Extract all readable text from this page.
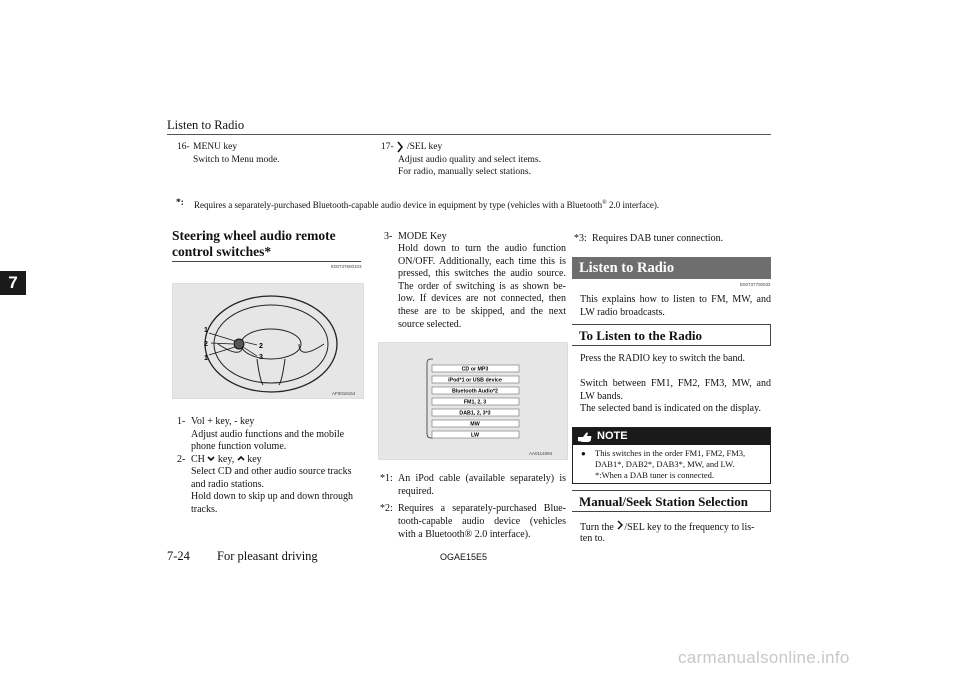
Listen to Radio
7
16- MENU key
Switch to Menu mode.
17- /SEL key
Adjust audio quality and select items.
For radio, manually select stations.
*: Requires a separately-purchased Bluetooth-capable audio device in equipment by type (vehicles with a Bluetooth® 2.0 interface).
Steering wheel audio remote
control switches*
E00737600103
1
2
1
2
3
AF0016154
1- Vol + key, - key
Adjust audio functions and the mobile
phone function volume.
2- CH  key,  key
Select CD and other audio source tracks
and radio stations.
Hold down to skip up and down through
tracks.
3- MODE Key
Hold down to turn the audio function
ON/OFF. Additionally, each time this is
pressed, this switches the audio source.
The order of switching is as shown be-
low. If devices are not connected, then
these are to be skipped, and the next
source selected.
CD or MP3
iPod*1 or USB device
Bluetooth Audio*2
FM1, 2, 3
DAB1, 2, 3*3
MW
LW
AA0114084
*1: An iPod cable (available separately) is
required.
*2: Requires a separately-purchased Blue-
tooth-capable audio device (vehicles
with a Bluetooth® 2.0 interface).
*3: Requires DAB tuner connection.
Listen to Radio
E00737700032
This explains how to listen to FM, MW, and
LW radio broadcasts.
To Listen to the Radio
Press the RADIO key to switch the band.
Switch between FM1, FM2, FM3, MW, and
LW bands.
The selected band is indicated on the display.
NOTE
● This switches in the order FM1, FM2, FM3,
DAB1*, DAB2*, DAB3*, MW, and LW.
*:When a DAB tuner is connected.
Manual/Seek Station Selection
Turn the /SEL key to the frequency to lis-
ten to.
7-24 For pleasant driving	OGAE15E5
carmanualsonline.info
